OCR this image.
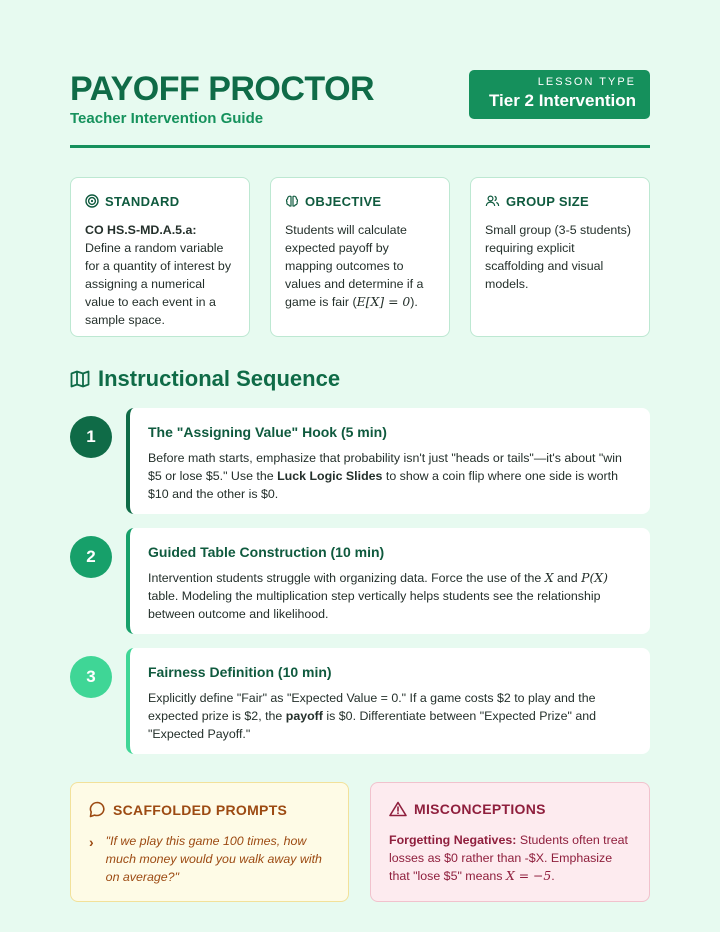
PAYOFF PROCTOR
Teacher Intervention Guide
LESSON TYPE
Tier 2 Intervention
STANDARD
CO HS.S-MD.A.5.a:
Define a random variable for a quantity of interest by assigning a numerical value to each event in a sample space.
OBJECTIVE
Students will calculate expected payoff by mapping outcomes to values and determine if a game is fair (E[X] = 0).
GROUP SIZE
Small group (3-5 students) requiring explicit scaffolding and visual models.
Instructional Sequence
1	The "Assigning Value" Hook (5 min)
Before math starts, emphasize that probability isn't just "heads or tails"—it's about "win $5 or lose $5." Use the Luck Logic Slides to show a coin flip where one side is worth $10 and the other is $0.
2	Guided Table Construction (10 min)
Intervention students struggle with organizing data. Force the use of the X and P(X) table. Modeling the multiplication step vertically helps students see the relationship between outcome and likelihood.
3	Fairness Definition (10 min)
Explicitly define "Fair" as "Expected Value = 0." If a game costs $2 to play and the expected prize is $2, the payoff is $0. Differentiate between "Expected Prize" and "Expected Payoff."
SCAFFOLDED PROMPTS
› "If we play this game 100 times, how much money would you walk away with on average?"
MISCONCEPTIONS
Forgetting Negatives: Students often treat losses as $0 rather than -$X. Emphasize that "lose $5" means X = −5.
